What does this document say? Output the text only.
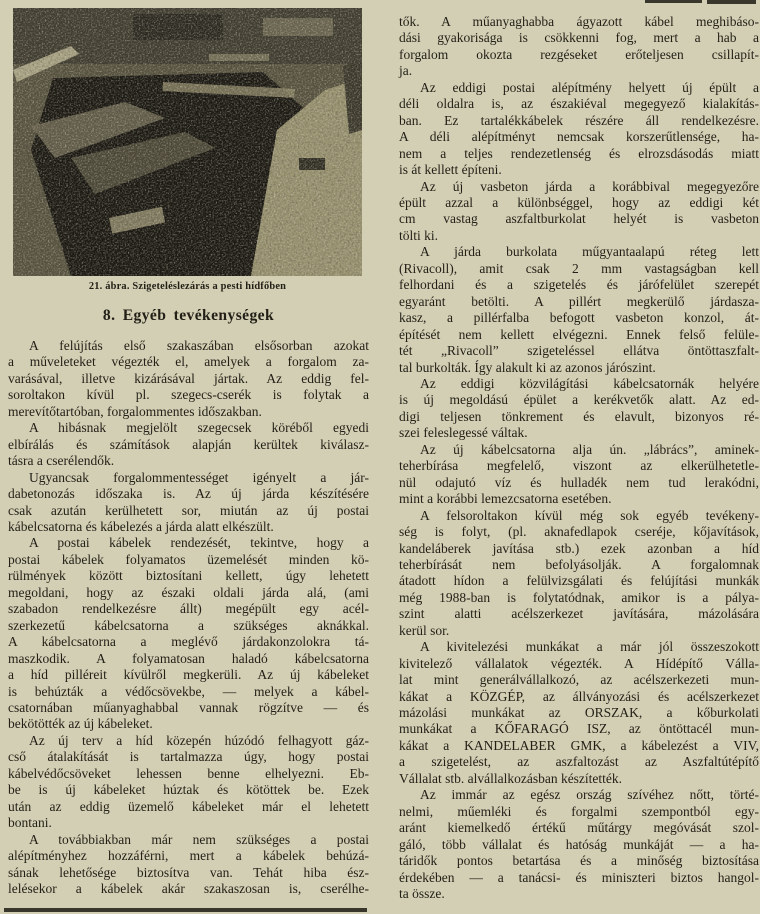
21. ábra. Szigeteléslezárás a pesti hídfőben
8. Egyéb tevékenységek
A felújítás első szakaszában elsősorban azokat
a műveleteket végezték el, amelyek a forgalom za-
varásával, illetve kizárásával jártak. Az eddig fel-
soroltakon kívül pl. szegecs-cserék is folytak a
merevítőtartóban, forgalommentes időszakban.
A hibásnak megjelölt szegecsek köréből egyedi
elbírálás és számítások alapján kerültek kiválasz-
tásra a cserélendők.
Ugyancsak forgalommentességet igényelt a jár-
dabetonozás időszaka is. Az új járda készítésére
csak azután kerülhetett sor, miután az új postai
kábelcsatorna és kábelezés a járda alatt elkészült.
A postai kábelek rendezését, tekintve, hogy a
postai kábelek folyamatos üzemelését minden kö-
rülmények között biztosítani kellett, úgy lehetett
megoldani, hogy az északi oldali járda alá, (ami
szabadon rendelkezésre állt) megépült egy acél-
szerkezetű kábelcsatorna a szükséges aknákkal.
A kábelcsatorna a meglévő járdakonzolokra tá-
maszkodik. A folyamatosan haladó kábelcsatorna
a híd pilléreit kívülről megkerüli. Az új kábeleket
is behúzták a védőcsövekbe, — melyek a kábel-
csatornában műanyaghabbal vannak rögzítve — és
bekötötték az új kábeleket.
Az új terv a híd közepén húzódó felhagyott gáz-
cső átalakítását is tartalmazza úgy, hogy postai
kábelvédőcsöveket lehessen benne elhelyezni. Eb-
be is új kábeleket húztak és kötöttek be. Ezek
után az eddig üzemelő kábeleket már el lehetett
bontani.
A továbbiakban már nem szükséges a postai
alépítményhez hozzáférni, mert a kábelek behúzá-
sának lehetősége biztosítva van. Tehát hiba ész-
lelésekor a kábelek akár szakaszosan is, cserélhe-
tők. A műanyaghabba ágyazott kábel meghibáso-
dási gyakorisága is csökkenni fog, mert a hab a
forgalom okozta rezgéseket erőteljesen csillapít-
ja.
Az eddigi postai alépítmény helyett új épült a
déli oldalra is, az északiéval megegyező kialakítás-
ban. Ez tartalékkábelek részére áll rendelkezésre.
A déli alépítményt nemcsak korszerűtlensége, ha-
nem a teljes rendezetlenség és elrozsdásodás miatt
is át kellett építeni.
Az új vasbeton járda a korábbival megegyezőre
épült azzal a különbséggel, hogy az eddigi két
cm vastag aszfaltburkolat helyét is vasbeton
tölti ki.
A járda burkolata műgyantaalapú réteg lett
(Rivacoll), amit csak 2 mm vastagságban kell
felhordani és a szigetelés és járófelület szerepét
egyaránt betölti. A pillért megkerülő járdasza-
kasz, a pillérfalba befogott vasbeton konzol, át-
építését nem kellett elvégezni. Ennek felső felüle-
tét „Rivacoll” szigeteléssel ellátva öntöttaszfalt-
tal burkolták. Így alakult ki az azonos járószint.
Az eddigi közvilágítási kábelcsatornák helyére
is új megoldású épület a kerékvetők alatt. Az ed-
digi teljesen tönkrement és elavult, bizonyos ré-
szei feleslegessé váltak.
Az új kábelcsatorna alja ún. „lábrács”, aminek-
teherbírása megfelelő, viszont az elkerülhetetle-
nül odajutó víz és hulladék nem tud lerakódni,
mint a korábbi lemezcsatorna esetében.
A felsoroltakon kívül még sok egyéb tevékeny-
ség is folyt, (pl. aknafedlapok cseréje, kőjavítások,
kandeláberek javítása stb.) ezek azonban a híd
teherbírását nem befolyásolják. A forgalomnak
átadott hídon a felülvizsgálati és felújítási munkák
még 1988-ban is folytatódnak, amikor is a pálya-
szint alatti acélszerkezet javítására, mázolására
kerül sor.
A kivitelezési munkákat a már jól összeszokott
kivitelező vállalatok végezték. A Hídépítő Válla-
lat mint generálvállalkozó, az acélszerkezeti mun-
kákat a KÖZGÉP, az állványozási és acélszerkezet
mázolási munkákat az ORSZAK, a kőburkolati
munkákat a KŐFARAGÓ ISZ, az öntöttacél mun-
kákat a KANDELABER GMK, a kábelezést a VIV,
a szigetelést, az aszfaltozást az Aszfaltútépítő
Vállalat stb. alvállalkozásban készítették.
Az immár az egész ország szívéhez nőtt, törté-
nelmi, műemléki és forgalmi szempontból egy-
aránt kiemelkedő értékű műtárgy megóvását szol-
gáló, több vállalat és hatóság munkáját — a ha-
táridők pontos betartása és a minőség biztosítása
érdekében — a tanácsi- és miniszteri biztos hangol-
ta össze.
